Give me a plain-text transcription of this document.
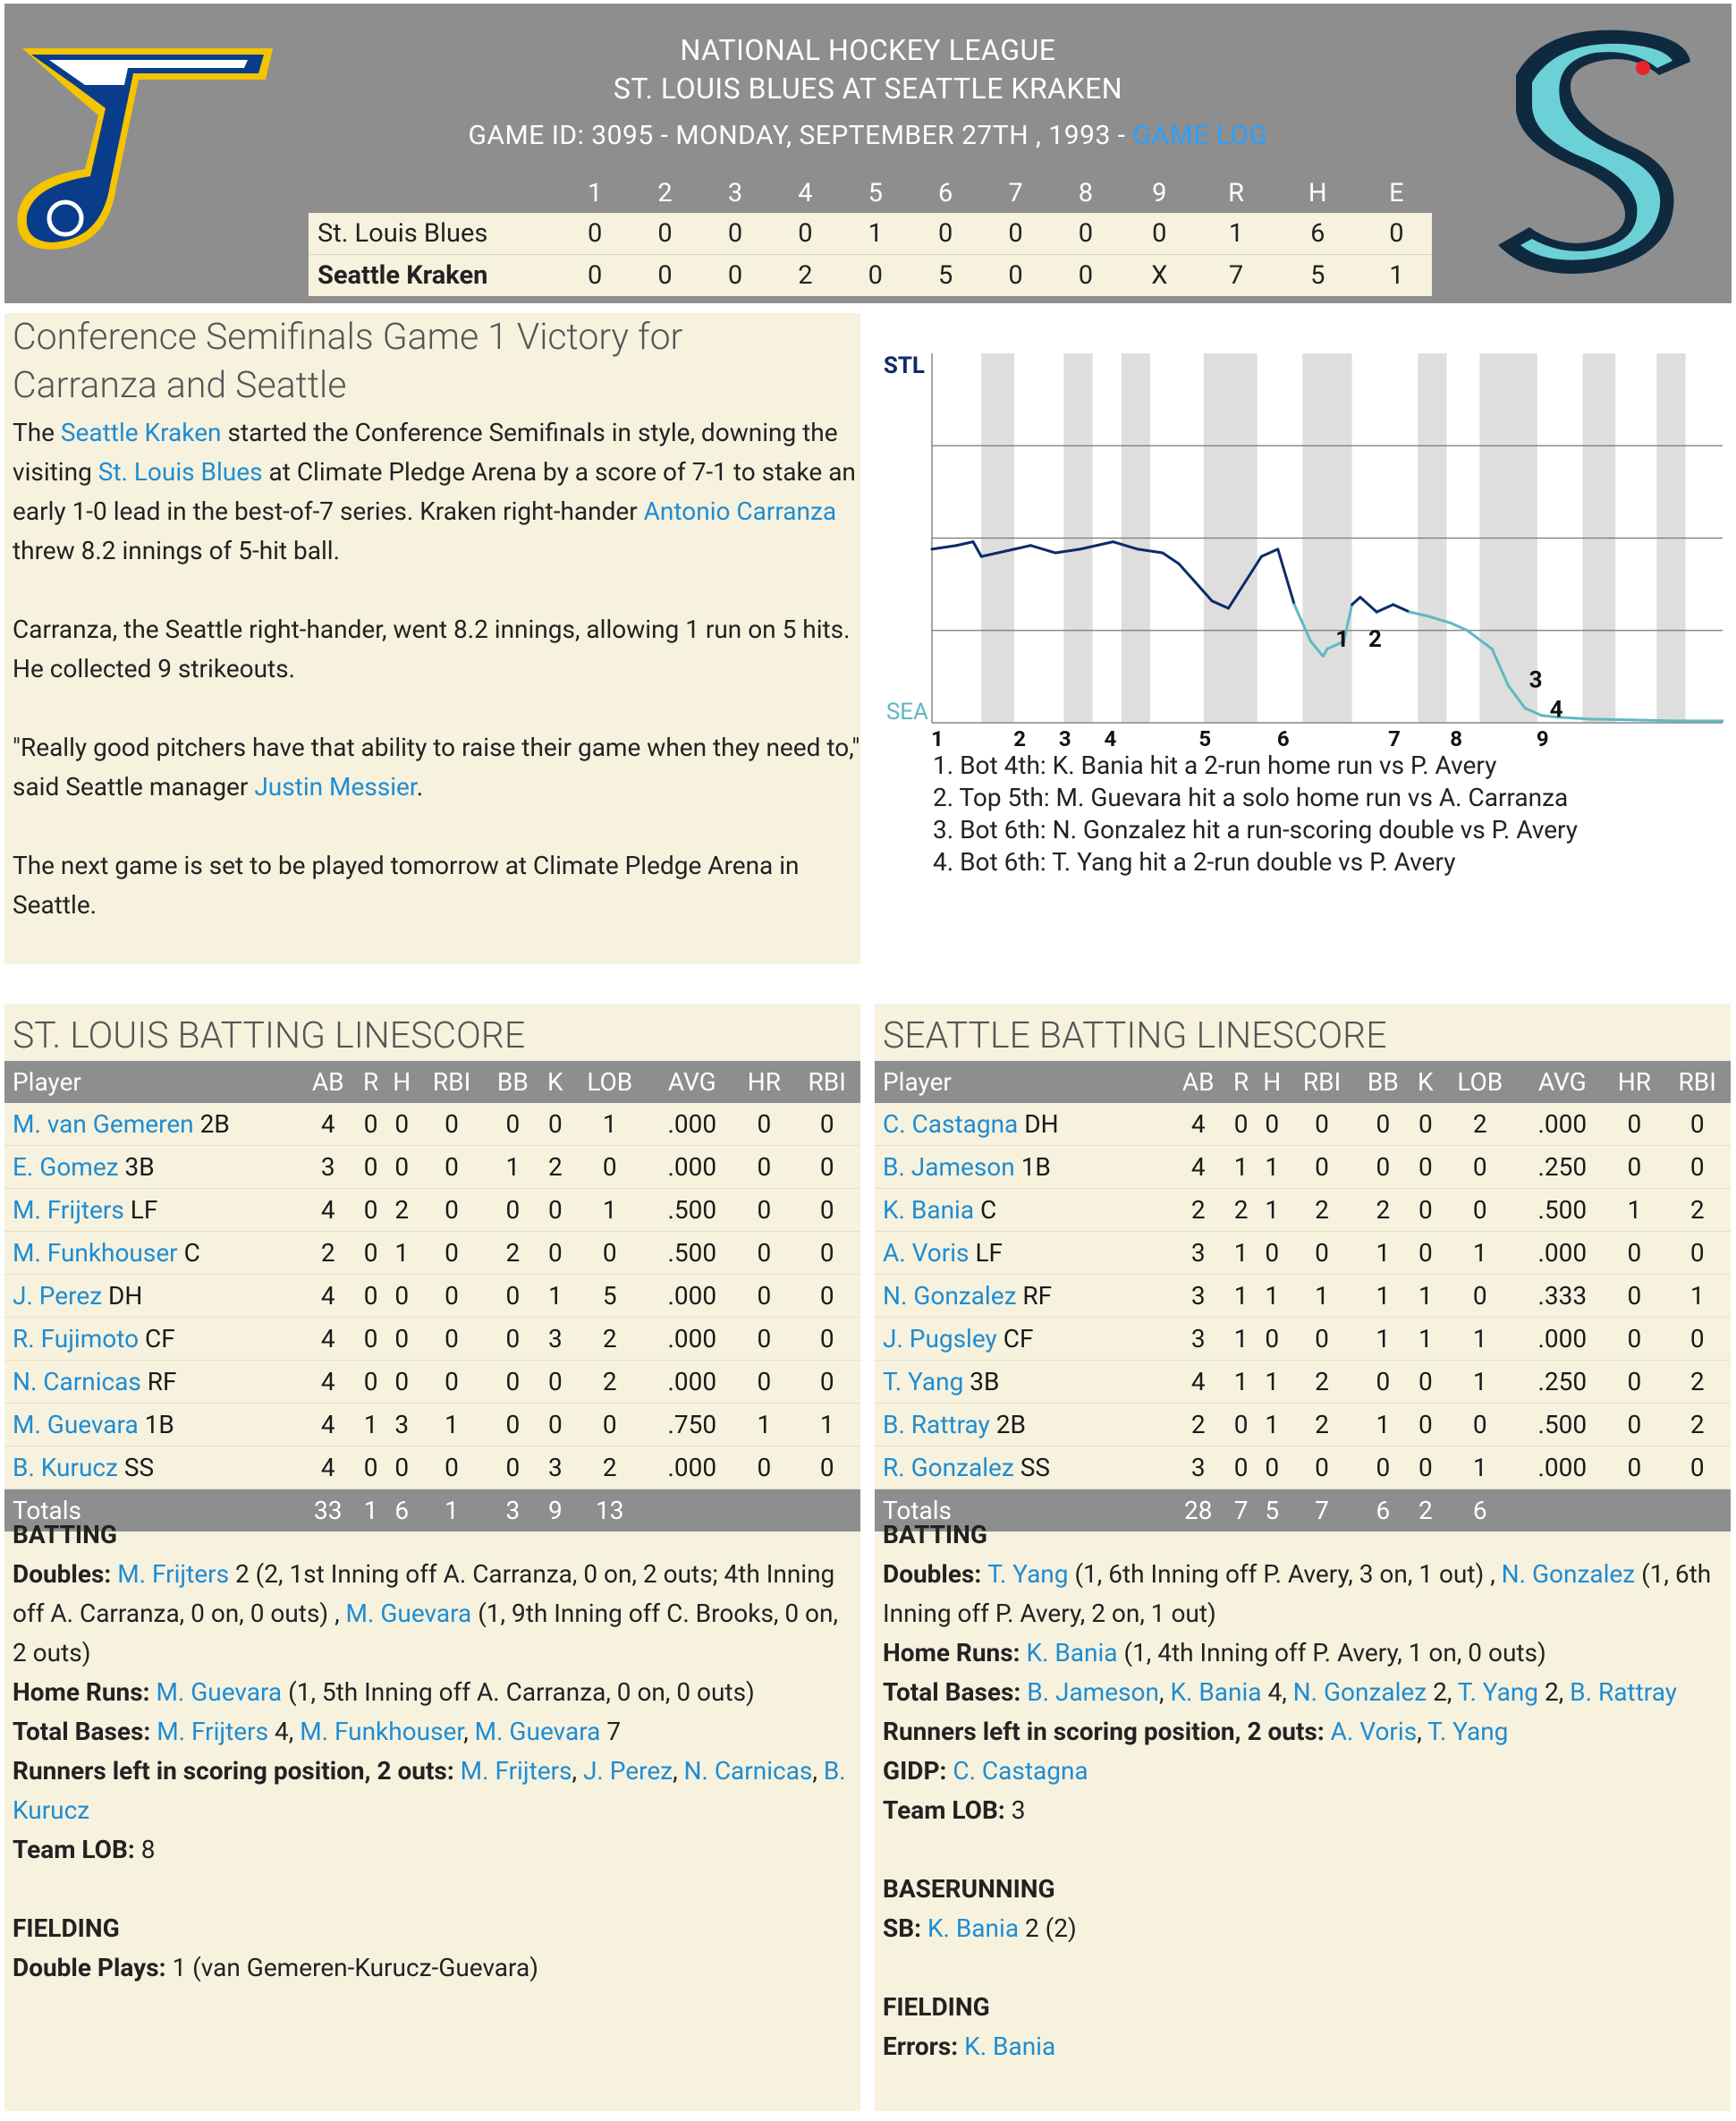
NATIONAL HOCKEY LEAGUE
ST. LOUIS BLUES AT SEATTLE KRAKEN
GAME ID: 3095 - MONDAY, SEPTEMBER 27TH , 1993 - GAME LOG
	1	2	3	4	5	6	7	8	9	R	H	E
St. Louis Blues	0	0	0	0	1	0	0	0	0	1	6	0
Seattle Kraken	0	0	0	2	0	5	0	0	X	7	5	1
Conference Semifinals Game 1 Victory for Carranza and Seattle

The Seattle Kraken started the Conference Semifinals in style, downing the visiting St. Louis Blues at Climate Pledge Arena by a score of 7-1 to stake an early 1-0 lead in the best-of-7 series. Kraken right-hander Antonio Carranza threw 8.2 innings of 5-hit ball.

Carranza, the Seattle right-hander, went 8.2 innings, allowing 1 run on 5 hits. He collected 9 strikeouts.

"Really good pitchers have that ability to raise their game when they need to," said Seattle manager Justin Messier.

The next game is set to be played tomorrow at Climate Pledge Arena in Seattle.

STL
SEA
1	2 3 4	5	6	7 8	9
1 2
3
4
1. Bot 4th: K. Bania hit a 2-run home run vs P. Avery
2. Top 5th: M. Guevara hit a solo home run vs A. Carranza
3. Bot 6th: N. Gonzalez hit a run-scoring double vs P. Avery
4. Bot 6th: T. Yang hit a 2-run double vs P. Avery
ST. LOUIS BATTING LINESCORE
Player	AB	R	H	RBI	BB	K	LOB	AVG	HR	RBI
M. van Gemeren 2B	4	0	0	0	0	0	1	.000	0	0
E. Gomez 3B	3	0	0	0	1	2	0	.000	0	0
M. Frijters LF	4	0	2	0	0	0	1	.500	0	0
M. Funkhouser C	2	0	1	0	2	0	0	.500	0	0
J. Perez DH	4	0	0	0	0	1	5	.000	0	0
R. Fujimoto CF	4	0	0	0	0	3	2	.000	0	0
N. Carnicas RF	4	0	0	0	0	0	2	.000	0	0
M. Guevara 1B	4	1	3	1	0	0	0	.750	1	1
B. Kurucz SS	4	0	0	0	0	3	2	.000	0	0
Totals	33	1	6	1	3	9	13			
BATTING
Doubles: M. Frijters 2 (2, 1st Inning off A. Carranza, 0 on, 2 outs; 4th Inning off A. Carranza, 0 on, 0 outs) , M. Guevara (1, 9th Inning off C. Brooks, 0 on, 2 outs)
Home Runs: M. Guevara (1, 5th Inning off A. Carranza, 0 on, 0 outs)
Total Bases: M. Frijters 4, M. Funkhouser, M. Guevara 7
Runners left in scoring position, 2 outs: M. Frijters, J. Perez, N. Carnicas, B. Kurucz
Team LOB: 8
FIELDING
Double Plays: 1 (van Gemeren-Kurucz-Guevara)
SEATTLE BATTING LINESCORE
Player	AB	R	H	RBI	BB	K	LOB	AVG	HR	RBI
C. Castagna DH	4	0	0	0	0	0	2	.000	0	0
B. Jameson 1B	4	1	1	0	0	0	0	.250	0	0
K. Bania C	2	2	1	2	2	0	0	.500	1	2
A. Voris LF	3	1	0	0	1	0	1	.000	0	0
N. Gonzalez RF	3	1	1	1	1	1	0	.333	0	1
J. Pugsley CF	3	1	0	0	1	1	1	.000	0	0
T. Yang 3B	4	1	1	2	0	0	1	.250	0	2
B. Rattray 2B	2	0	1	2	1	0	0	.500	0	2
R. Gonzalez SS	3	0	0	0	0	0	1	.000	0	0
Totals	28	7	5	7	6	2	6			
BATTING
Doubles: T. Yang (1, 6th Inning off P. Avery, 3 on, 1 out) , N. Gonzalez (1, 6th Inning off P. Avery, 2 on, 1 out)
Home Runs: K. Bania (1, 4th Inning off P. Avery, 1 on, 0 outs)
Total Bases: B. Jameson, K. Bania 4, N. Gonzalez 2, T. Yang 2, B. Rattray
Runners left in scoring position, 2 outs: A. Voris, T. Yang
GIDP: C. Castagna
Team LOB: 3
BASERUNNING
SB: K. Bania 2 (2)
FIELDING
Errors: K. Bania
